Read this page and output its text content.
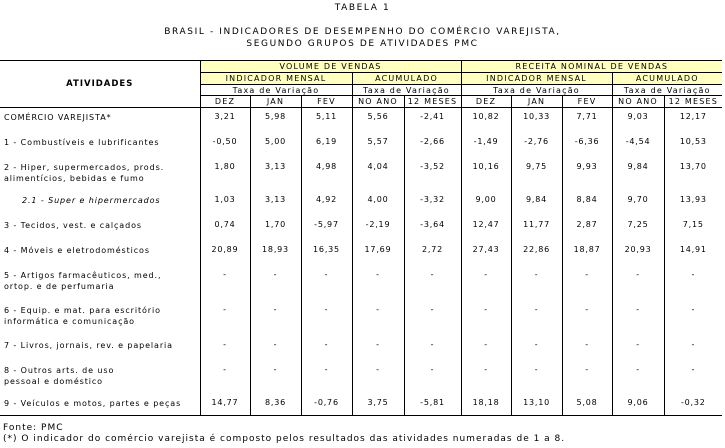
TABELA 1
BRASIL - INDICADORES DE DESEMPENHO DO COMÉRCIO VAREJISTA,
SEGUNDO GRUPOS DE ATIVIDADES PMC
ATIVIDADES	VOLUME DE VENDAS					RECEITA NOMINAL DE VENDAS				
	INDICADOR MENSAL			ACUMULADO		INDICADOR MENSAL			ACUMULADO	
	Taxa de Variação			Taxa de Variação		Taxa de Variação			Taxa de Variação	
	DEZ	JAN	FEV	NO ANO	12 MESES	DEZ	JAN	FEV	NO ANO	12 MESES

COMÉRCIO VAREJISTA*	3,21	5,98	5,11	5,56	-2,41	10,82	10,33	7,71	9,03	12,17

1 - Combustíveis e lubrificantes	-0,50	5,00	6,19	5,57	-2,66	-1,49	-2,76	-6,36	-4,54	10,53

2 - Hiper, supermercados, prods.
alimentícios, bebidas e fumo	1,80	3,13	4,98	4,04	-3,52	10,16	9,75	9,93	9,84	13,70

2.1 - Super e hipermercados	1,03	3,13	4,92	4,00	-3,32	9,00	9,84	8,84	9,70	13,93

3 - Tecidos, vest. e calçados	0,74	1,70	-5,97	-2,19	-3,64	12,47	11,77	2,87	7,25	7,15

4 - Móveis e eletrodomésticos	20,89	18,93	16,35	17,69	2,72	27,43	22,86	18,87	20,93	14,91

5 - Artigos farmacêuticos, med.,
ortop. e de perfumaria	-	-	-	-	-	-	-	-	-	-

6 - Equip. e mat. para escritório
informática e comunicação	-	-	-	-	-	-	-	-	-	-

7 - Livros, jornais, rev. e papelaria	-	-	-	-	-	-	-	-	-	-

8 - Outros arts. de uso
pessoal e doméstico	-	-	-	-	-	-	-	-	-	-

9 - Veículos e motos, partes e peças	14,77	8,36	-0,76	3,75	-5,81	18,18	13,10	5,08	9,06	-0,32
Fonte: PMC
(*) O indicador do comércio varejista é composto pelos resultados das atividades numeradas de 1 a 8.
